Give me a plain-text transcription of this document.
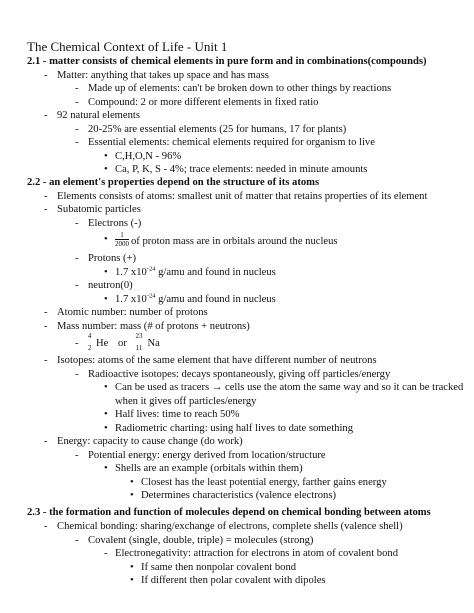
The Chemical Context of Life - Unit 1
2.1 - matter consists of chemical elements in pure form and in combinations(compounds)
- Matter: anything that takes up space and has mass
- Made up of elements: can't be broken down to other things by reactions
- Compound: 2 or more different elements in fixed ratio
- 92 natural elements
- 20-25% are essential elements (25 for humans, 17 for plants)
- Essential elements: chemical elements required for organism to live
• C,H,O,N - 96%
• Ca, P, K, S - 4%; trace elements: needed in minute amounts
2.2 - an element's properties depend on the structure of its atoms
- Elements consists of atoms: smallest unit of matter that retains properties of its element
- Subatomic particles
- Electrons (-)
• $\frac{1}{2000}$ of proton mass are in orbitals around the nucleus
- Protons (+)
• 1.7 $x10^{-24}$ g/amu and found in nucleus
- neutron(0)
• 1.7 $x10^{-24}$ g/amu and found in nucleus
- Atomic number: number of protons
- Mass number: mass (# of protons + neutrons)
-
4
2 He or
23
11 Na
- Isotopes: atoms of the same element that have different number of neutrons
- Radioactive isotopes: decays spontaneously, giving off particles/energy
• Can be used as tracers → cells use the atom the same way and so it can be tracked
when it gives off particles/energy
• Half lives: time to reach 50%
• Radiometric charting: using half lives to date something
- Energy: capacity to cause change (do work)
- Potential energy: energy derived from location/structure
• Shells are an example (orbitals within them)
• Closest has the least potential energy, farther gains energy
• Determines characteristics (valence electrons)
2.3 - the formation and function of molecules depend on chemical bonding between atoms
- Chemical bonding: sharing/exchange of electrons, complete shells (valence shell)
- Covalent (single, double, triple) = molecules (strong)
- Electronegativity: attraction for electrons in atom of covalent bond
• If same then nonpolar covalent bond
• If different then polar covalent with dipoles
